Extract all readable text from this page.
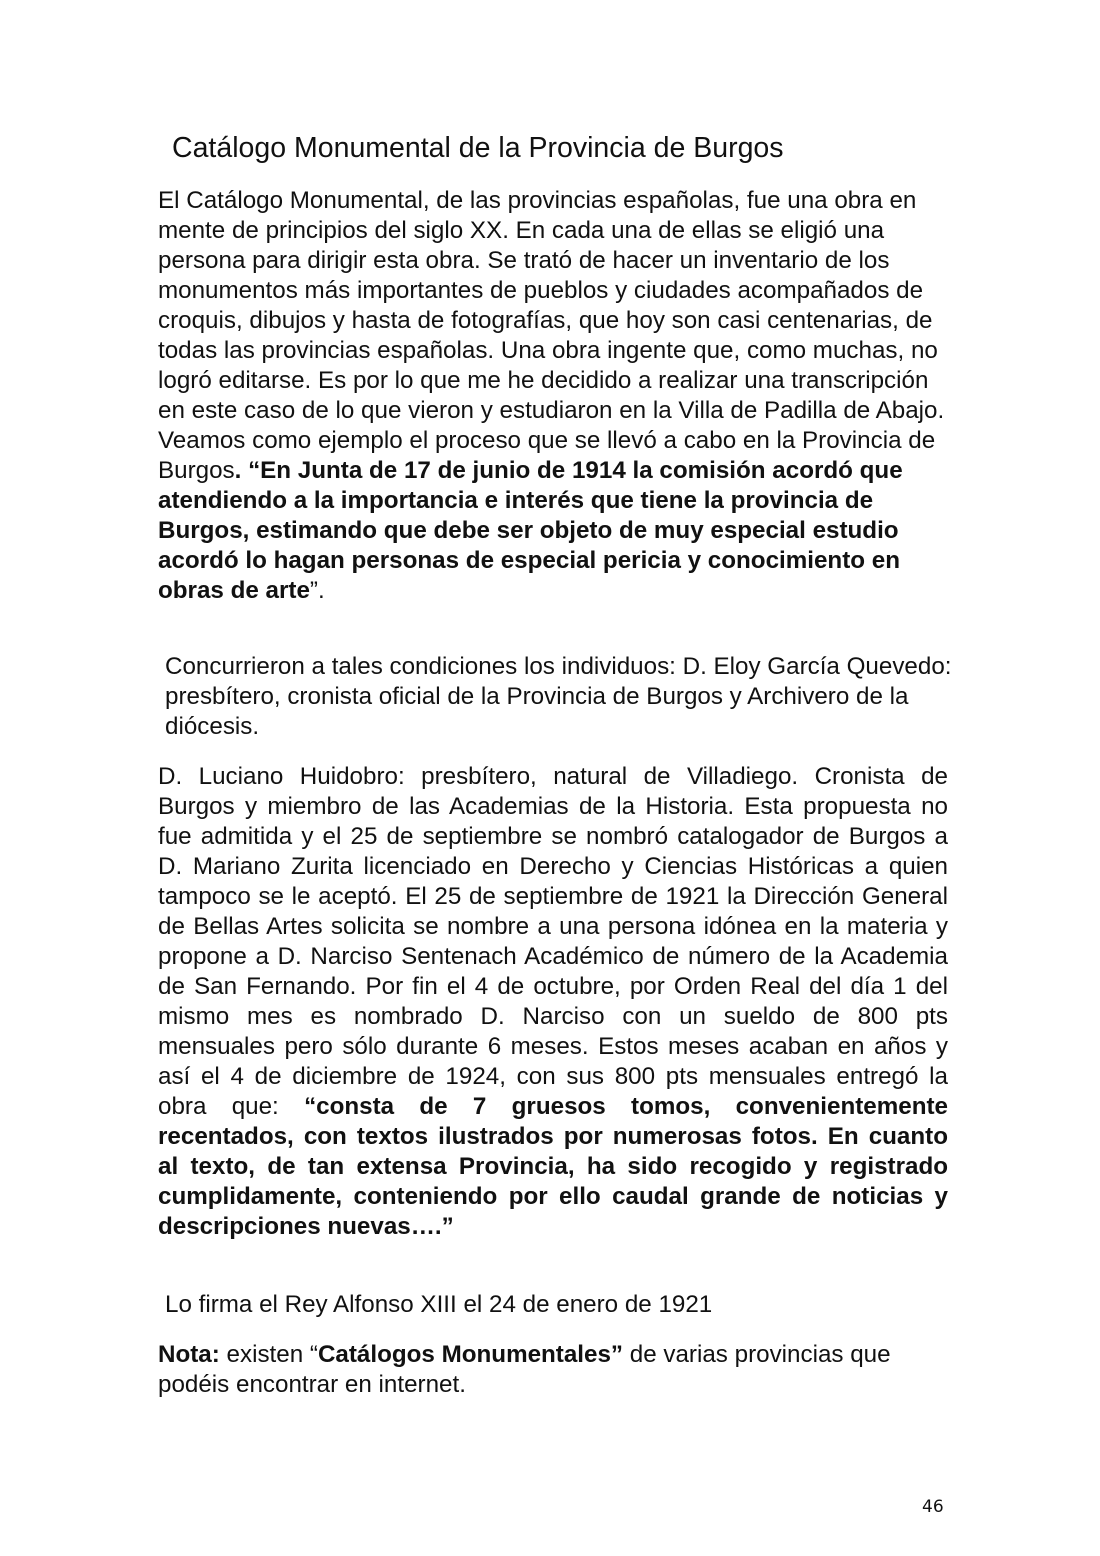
Catálogo Monumental de la Provincia de Burgos

El Catálogo Monumental, de las provincias españolas, fue una obra en mente de principios del siglo XX. En cada una de ellas se eligió una persona para dirigir esta obra. Se trató de hacer un inventario de los monumentos más importantes de pueblos y ciudades acompañados de croquis, dibujos y hasta de fotografías, que hoy son casi centenarias, de todas las provincias españolas. Una obra ingente que, como muchas, no logró editarse. Es por lo que me he decidido a realizar una transcripción en este caso de lo que vieron y estudiaron en la Villa de Padilla de Abajo. Veamos como ejemplo el proceso que se llevó a cabo en la Provincia de Burgos. “En Junta de 17 de junio de 1914 la comisión acordó que atendiendo a la importancia e interés que tiene la provincia de Burgos, estimando que debe ser objeto de muy especial estudio acordó lo hagan personas de especial pericia y conocimiento en obras de arte”.

Concurrieron a tales condiciones los individuos: D. Eloy García Quevedo: presbítero, cronista oficial de la Provincia de Burgos y Archivero de la diócesis.

D. Luciano Huidobro: presbítero, natural de Villadiego. Cronista de Burgos y miembro de las Academias de la Historia. Esta propuesta no fue admitida y el 25 de septiembre se nombró catalogador de Burgos a D. Mariano Zurita licenciado en Derecho y Ciencias Históricas a quien tampoco se le aceptó. El 25 de septiembre de 1921 la Dirección General de Bellas Artes solicita se nombre a una persona idónea en la materia y propone a D. Narciso Sentenach Académico de número de la Academia de San Fernando. Por fin el 4 de octubre, por Orden Real del día 1 del mismo mes es nombrado D. Narciso con un sueldo de 800 pts mensuales pero sólo durante 6 meses. Estos meses acaban en años y así el 4 de diciembre de 1924, con sus 800 pts mensuales entregó la obra que: “consta de 7 gruesos tomos, convenientemente recentados, con textos ilustrados por numerosas fotos. En cuanto al texto, de tan extensa Provincia, ha sido recogido y registrado cumplidamente, conteniendo por ello caudal grande de noticias y descripciones nuevas….”

Lo firma el Rey Alfonso XIII el 24 de enero de 1921

Nota: existen “Catálogos Monumentales” de varias provincias que podéis encontrar en internet.

46
